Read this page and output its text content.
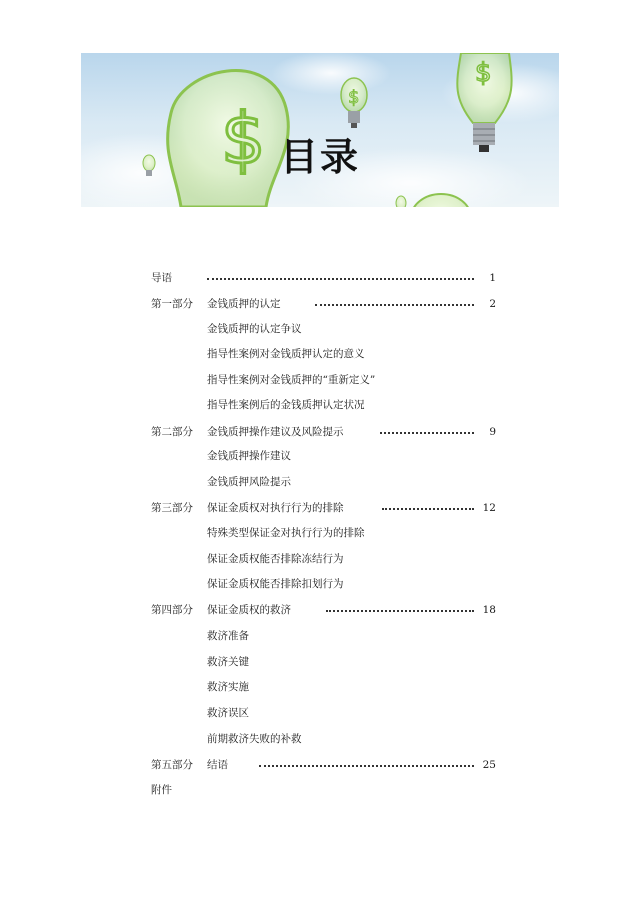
$
$
$
目录
导语	1
第一部分 金钱质押的认定	2
金钱质押的认定争议
指导性案例对金钱质押认定的意义
指导性案例对金钱质押的“重新定义”
指导性案例后的金钱质押认定状况
第二部分 金钱质押操作建议及风险提示	9
金钱质押操作建议
金钱质押风险提示
第三部分 保证金质权对执行行为的排除	12
特殊类型保证金对执行行为的排除
保证金质权能否排除冻结行为
保证金质权能否排除扣划行为
第四部分 保证金质权的救济	18
救济准备
救济关键
救济实施
救济误区
前期救济失败的补救
第五部分 结语	25
附件
